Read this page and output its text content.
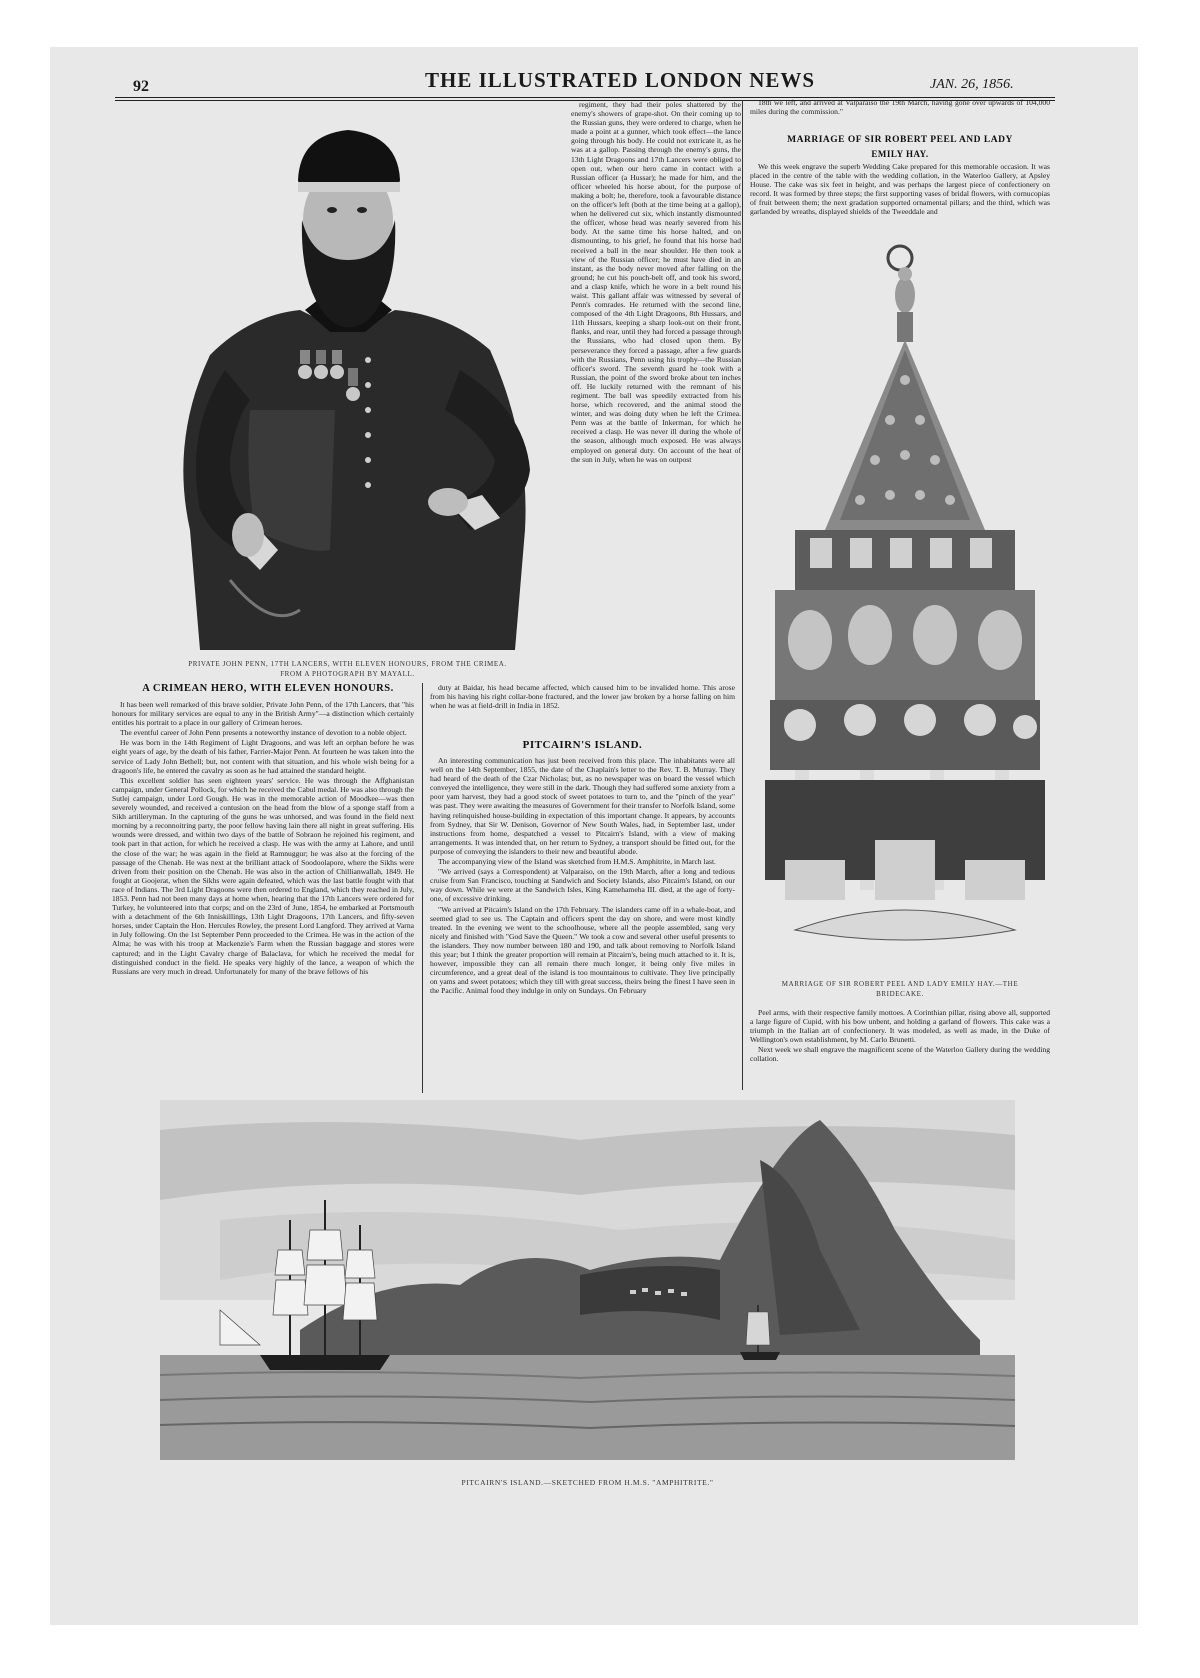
92	THE ILLUSTRATED LONDON NEWS	JAN. 26, 1856.
PRIVATE JOHN PENN, 17TH LANCERS, WITH ELEVEN HONOURS, FROM THE CRIMEA.
FROM A PHOTOGRAPH BY MAYALL.

regiment, they had their poles shattered by the enemy's showers of grape-shot. On their coming up to the Russian guns, they were ordered to charge, when he made a point at a gunner, which took effect—the lance going through his body. He could not extricate it, as he was at a gallop. Passing through the enemy's guns, the 13th Light Dragoons and 17th Lancers were obliged to open out, when our hero came in contact with a Russian officer (a Hussar); he made for him, and the officer wheeled his horse about, for the purpose of making a bolt; he, therefore, took a favourable distance on the officer's left (both at the time being at a gallop), when he delivered cut six, which instantly dismounted the officer, whose head was nearly severed from his body. At the same time his horse halted, and on dismounting, to his grief, he found that his horse had received a ball in the near shoulder. He then took a view of the Russian officer; he must have died in an instant, as the body never moved after falling on the ground; he cut his pouch-belt off, and took his sword, and a clasp knife, which he wore in a belt round his waist. This gallant affair was witnessed by several of Penn's comrades. He returned with the second line, composed of the 4th Light Dragoons, 8th Hussars, and 11th Hussars, keeping a sharp look-out on their front, flanks, and rear, until they had forced a passage through the Russians, who had closed upon them. By perseverance they forced a passage, after a few guards with the Russians, Penn using his trophy—the Russian officer's sword. The seventh guard he took with a Russian, the point of the sword broke about ten inches off. He luckily returned with the remnant of his regiment. The ball was speedily extracted from his horse, which recovered, and the animal stood the winter, and was doing duty when he left the Crimea. Penn was at the battle of Inkerman, for which he received a clasp. He was never ill during the whole of the season, although much exposed. He was always employed on general duty. On account of the heat of the sun in July, when he was on outpost

A CRIMEAN HERO, WITH ELEVEN HONOURS.

It has been well remarked of this brave soldier, Private John Penn, of the 17th Lancers, that "his honours for military services are equal to any in the British Army"—a distinction which certainly entitles his portrait to a place in our gallery of Crimean heroes.

The eventful career of John Penn presents a noteworthy instance of devotion to a noble object.

He was born in the 14th Regiment of Light Dragoons, and was left an orphan before he was eight years of age, by the death of his father, Farrier-Major Penn. At fourteen he was taken into the service of Lady John Bethell; but, not content with that situation, and his whole wish being for a dragoon's life, he entered the cavalry as soon as he had attained the standard height.

This excellent soldier has seen eighteen years' service. He was through the Affghanistan campaign, under General Pollock, for which he received the Cabul medal. He was also through the Sutlej campaign, under Lord Gough. He was in the memorable action of Moodkee—was then severely wounded, and received a contusion on the head from the blow of a sponge staff from a Sikh artilleryman. In the capturing of the guns he was unhorsed, and was found in the field next morning by a reconnoitring party, the poor fellow having lain there all night in great suffering. His wounds were dressed, and within two days of the battle of Sobraon he rejoined his regiment, and took part in that action, for which he received a clasp. He was with the army at Lahore, and until the close of the war; he was again in the field at Ramnuggur; he was also at the forcing of the passage of the Chenab. He was next at the brilliant attack of Soodoolapore, where the Sikhs were driven from their position on the Chenab. He was also in the action of Chillianwallah, 1849. He fought at Goojerat, when the Sikhs were again defeated, which was the last battle fought with that race of Indians. The 3rd Light Dragoons were then ordered to England, which they reached in July, 1853. Penn had not been many days at home when, hearing that the 17th Lancers were ordered for Turkey, he volunteered into that corps; and on the 23rd of June, 1854, he embarked at Portsmouth with a detachment of the 6th Inniskillings, 13th Light Dragoons, 17th Lancers, and fifty-seven horses, under Captain the Hon. Hercules Rowley, the present Lord Langford. They arrived at Varna in July following. On the 1st September Penn proceeded to the Crimea. He was in the action of the Alma; he was with his troop at Mackenzie's Farm when the Russian baggage and stores were captured; and in the Light Cavalry charge of Balaclava, for which he received the medal for distinguished conduct in the field. He speaks very highly of the lance, a weapon of which the Russians are very much in dread. Unfortunately for many of the brave fellows of his

duty at Baidar, his head became affected, which caused him to be invalided home. This arose from his having his right collar-bone fractured, and the lower jaw broken by a horse falling on him when he was at field-drill in India in 1852.

PITCAIRN'S ISLAND.

An interesting communication has just been received from this place. The inhabitants were all well on the 14th September, 1855, the date of the Chaplain's letter to the Rev. T. B. Murray. They had heard of the death of the Czar Nicholas; but, as no newspaper was on board the vessel which conveyed the intelligence, they were still in the dark. Though they had suffered some anxiety from a poor yam harvest, they had a good stock of sweet potatoes to turn to, and the "pinch of the year" was past. They were awaiting the measures of Government for their transfer to Norfolk Island, some having relinquished house-building in expectation of this important change. It appears, by accounts from Sydney, that Sir W. Denison, Governor of New South Wales, had, in September last, under instructions from home, despatched a vessel to Pitcairn's Island, with a view of making arrangements. It was intended that, on her return to Sydney, a transport should be fitted out, for the purpose of conveying the islanders to their new and beautiful abode.

The accompanying view of the Island was sketched from H.M.S. Amphitrite, in March last.

"We arrived (says a Correspondent) at Valparaiso, on the 19th March, after a long and tedious cruise from San Francisco, touching at Sandwich and Society Islands, also Pitcairn's Island, on our way down. While we were at the Sandwich Isles, King Kamehameha III. died, at the age of forty-one, of excessive drinking.

"We arrived at Pitcairn's Island on the 17th February. The islanders came off in a whale-boat, and seemed glad to see us. The Captain and officers spent the day on shore, and were most kindly treated. In the evening we went to the schoolhouse, where all the people assembled, sang very nicely and finished with "God Save the Queen." We took a cow and several other useful presents to the islanders. They now number between 180 and 190, and talk about removing to Norfolk Island this year; but I think the greater proportion will remain at Pitcairn's, being much attached to it. It is, however, impossible they can all remain there much longer, it being only five miles in circumference, and a great deal of the island is too mountainous to cultivate. They live principally on yams and sweet potatoes; which they till with great success, theirs being the finest I have seen in the Pacific. Animal food they indulge in only on Sundays. On February

18th we left, and arrived at Valparaiso the 19th March, having gone over upwards of 104,000 miles during the commission."

MARRIAGE OF SIR ROBERT PEEL AND LADY
EMILY HAY.

We this week engrave the superb Wedding Cake prepared for this memorable occasion. It was placed in the centre of the table with the wedding collation, in the Waterloo Gallery, at Apsley House. The cake was six feet in height, and was perhaps the largest piece of confectionery on record. It was formed by three steps; the first supporting vases of bridal flowers, with cornucopias of fruit between them; the next gradation supported ornamental pillars; and the third, which was garlanded by wreaths, displayed shields of the Tweeddale and

MARRIAGE OF SIR ROBERT PEEL AND LADY EMILY HAY.—THE
BRIDECAKE.

Peel arms, with their respective family mottoes. A Corinthian pillar, rising above all, supported a large figure of Cupid, with his bow unbent, and holding a garland of flowers. This cake was a triumph in the Italian art of confectionery. It was modeled, as well as made, in the Duke of Wellington's own establishment, by M. Carlo Brunetti.

Next week we shall engrave the magnificent scene of the Waterloo Gallery during the wedding collation.

PITCAIRN'S ISLAND.—SKETCHED FROM H.M.S. "AMPHITRITE."
